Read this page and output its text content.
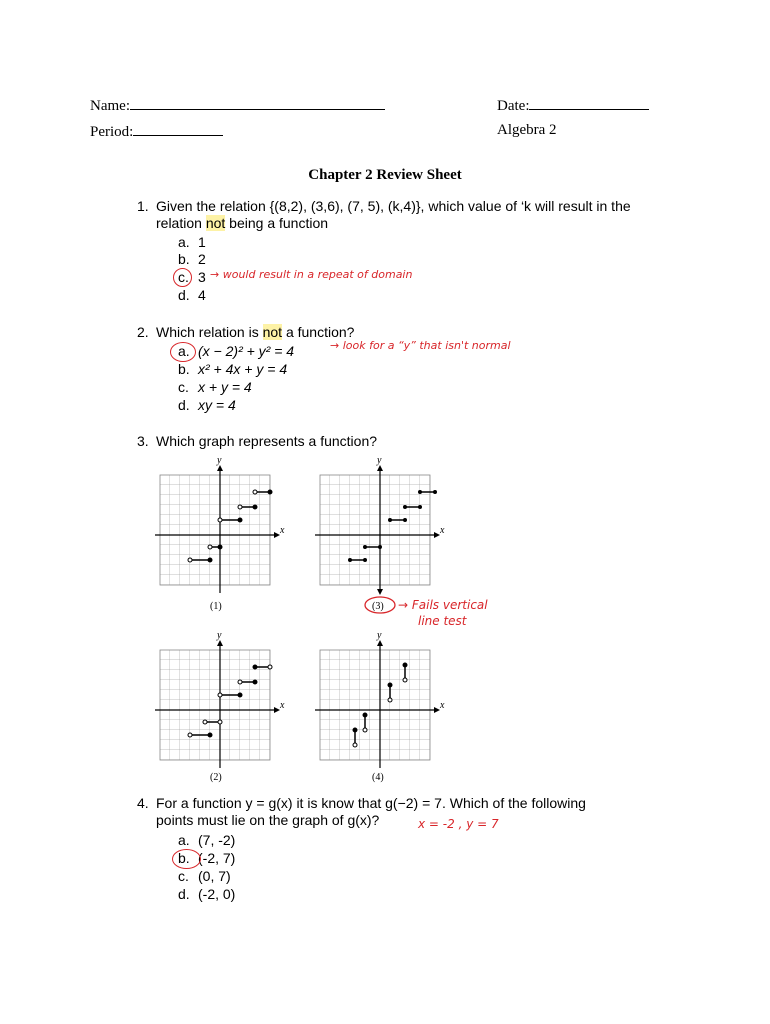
Name:	Date:
Period:	Algebra 2
Chapter 2 Review Sheet
1. Given the relation {(8,2), (3,6), (7, 5), (k,4)}, which value of ‘k will result in the relation not being a function
a. 1
b. 2
c. 3
d. 4
→ would result in a repeat of domain
2. Which relation is not a function?
a. (x − 2)² + y² = 4
b. x² + 4x + y = 4
c. x + y = 4
d. xy = 4
→ look for a “y” that isn't normal
3. Which graph represents a function?
y
x
(1)
y
x
(3)
y
x
(2)
y
x
(4)
→ Fails vertical
line test
4. For a function y = g(x) it is know that g(−2) = 7. Which of the following
points must lie on the graph of g(x)?	x = -2 , y = 7
a. (7, -2)
b. (-2, 7)
c. (0, 7)
d. (-2, 0)
